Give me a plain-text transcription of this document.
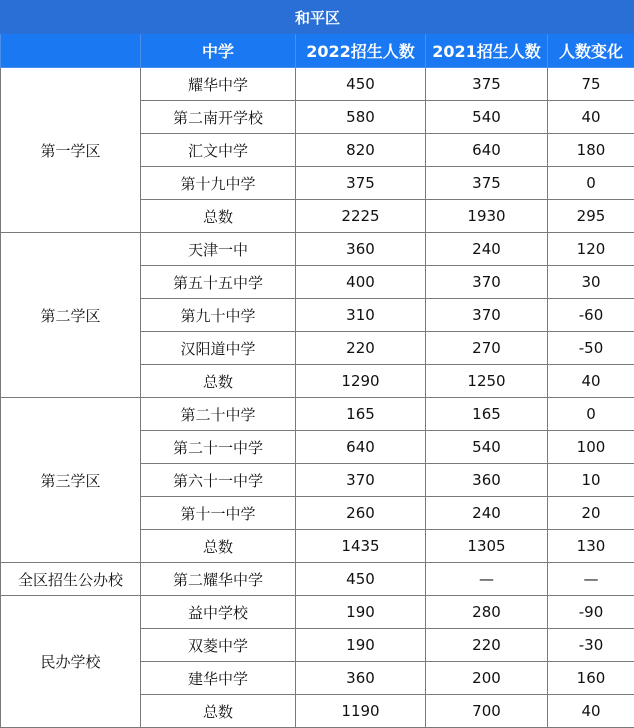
和平区				
	中学	2022招生人数	2021招生人数	人数变化
第一学区	耀华中学	450	375	75
	第二南开学校	580	540	40
	汇文中学	820	640	180
	第十九中学	375	375	0
	总数	2225	1930	295
第二学区	天津一中	360	240	120
	第五十五中学	400	370	30
	第九十中学	310	370	-60
	汉阳道中学	220	270	-50
	总数	1290	1250	40
第三学区	第二十中学	165	165	0
	第二十一中学	640	540	100
	第六十一中学	370	360	10
	第十一中学	260	240	20
	总数	1435	1305	130
全区招生公办校	第二耀华中学	450	—	—
民办学校	益中学校	190	280	-90
	双菱中学	190	220	-30
	建华中学	360	200	160
	总数	1190	700	40
